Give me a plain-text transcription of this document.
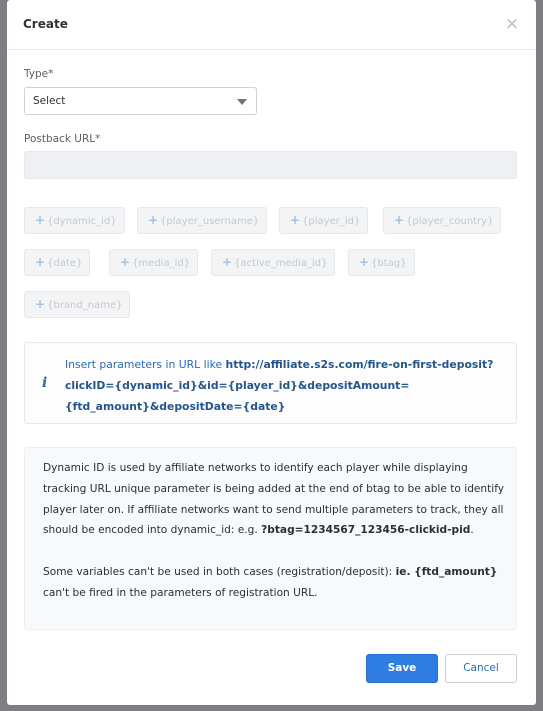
Create	×
Type*
Select
Postback URL*
+ {dynamic_id}	+ {player_username}	+ {player_id}	+ {player_country}
+ {date}	+ {media_id}	+ {active_media_id}	+ {btag}
+ {brand_name}
i
Insert parameters in URL like http://affiliate.s2s.com/fire-on-first-deposit?
clickID={dynamic_id}&id={player_id}&depositAmount=
{ftd_amount}&depositDate={date}

Dynamic ID is used by affiliate networks to identify each player while displaying tracking URL unique parameter is being added at the end of btag to be able to identify player later on. If affiliate networks want to send multiple parameters to track, they all should be encoded into dynamic_id: e.g. ?btag=1234567_123456-clickid-pid.

Some variables can't be used in both cases (registration/deposit): ie. {ftd_amount} can't be fired in the parameters of registration URL.

Save	Cancel
